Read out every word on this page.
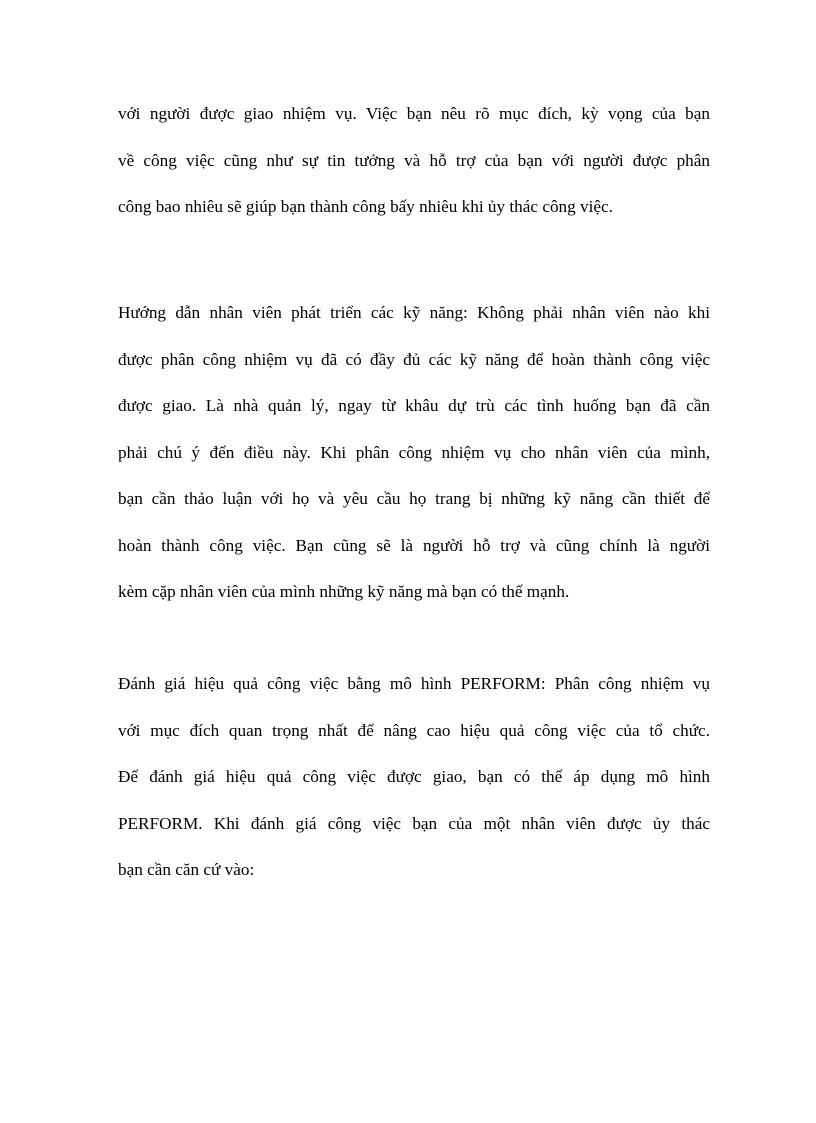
với người được giao nhiệm vụ. Việc bạn nêu rõ mục đích, kỳ vọng của bạn
về công việc cũng như sự tin tưởng và hỗ trợ của bạn với người được phân
công bao nhiêu sẽ giúp bạn thành công bấy nhiêu khi ủy thác công việc.

Hướng dẫn nhân viên phát triển các kỹ năng: Không phải nhân viên nào khi
được phân công nhiệm vụ đã có đầy đủ các kỹ năng để hoàn thành công việc
được giao. Là nhà quản lý, ngay từ khâu dự trù các tình huống bạn đã cần
phải chú ý đến điều này. Khi phân công nhiệm vụ cho nhân viên của mình,
bạn cần thảo luận với họ và yêu cầu họ trang bị những kỹ năng cần thiết để
hoàn thành công việc. Bạn cũng sẽ là người hỗ trợ và cũng chính là người
kèm cặp nhân viên của mình những kỹ năng mà bạn có thế mạnh.

Đánh giá hiệu quả công việc bằng mô hình PERFORM: Phân công nhiệm vụ
với mục đích quan trọng nhất để nâng cao hiệu quả công việc của tổ chức.
Để đánh giá hiệu quả công việc được giao, bạn có thể áp dụng mô hình
PERFORM. Khi đánh giá công việc bạn của một nhân viên được ủy thác
bạn cần căn cứ vào:
